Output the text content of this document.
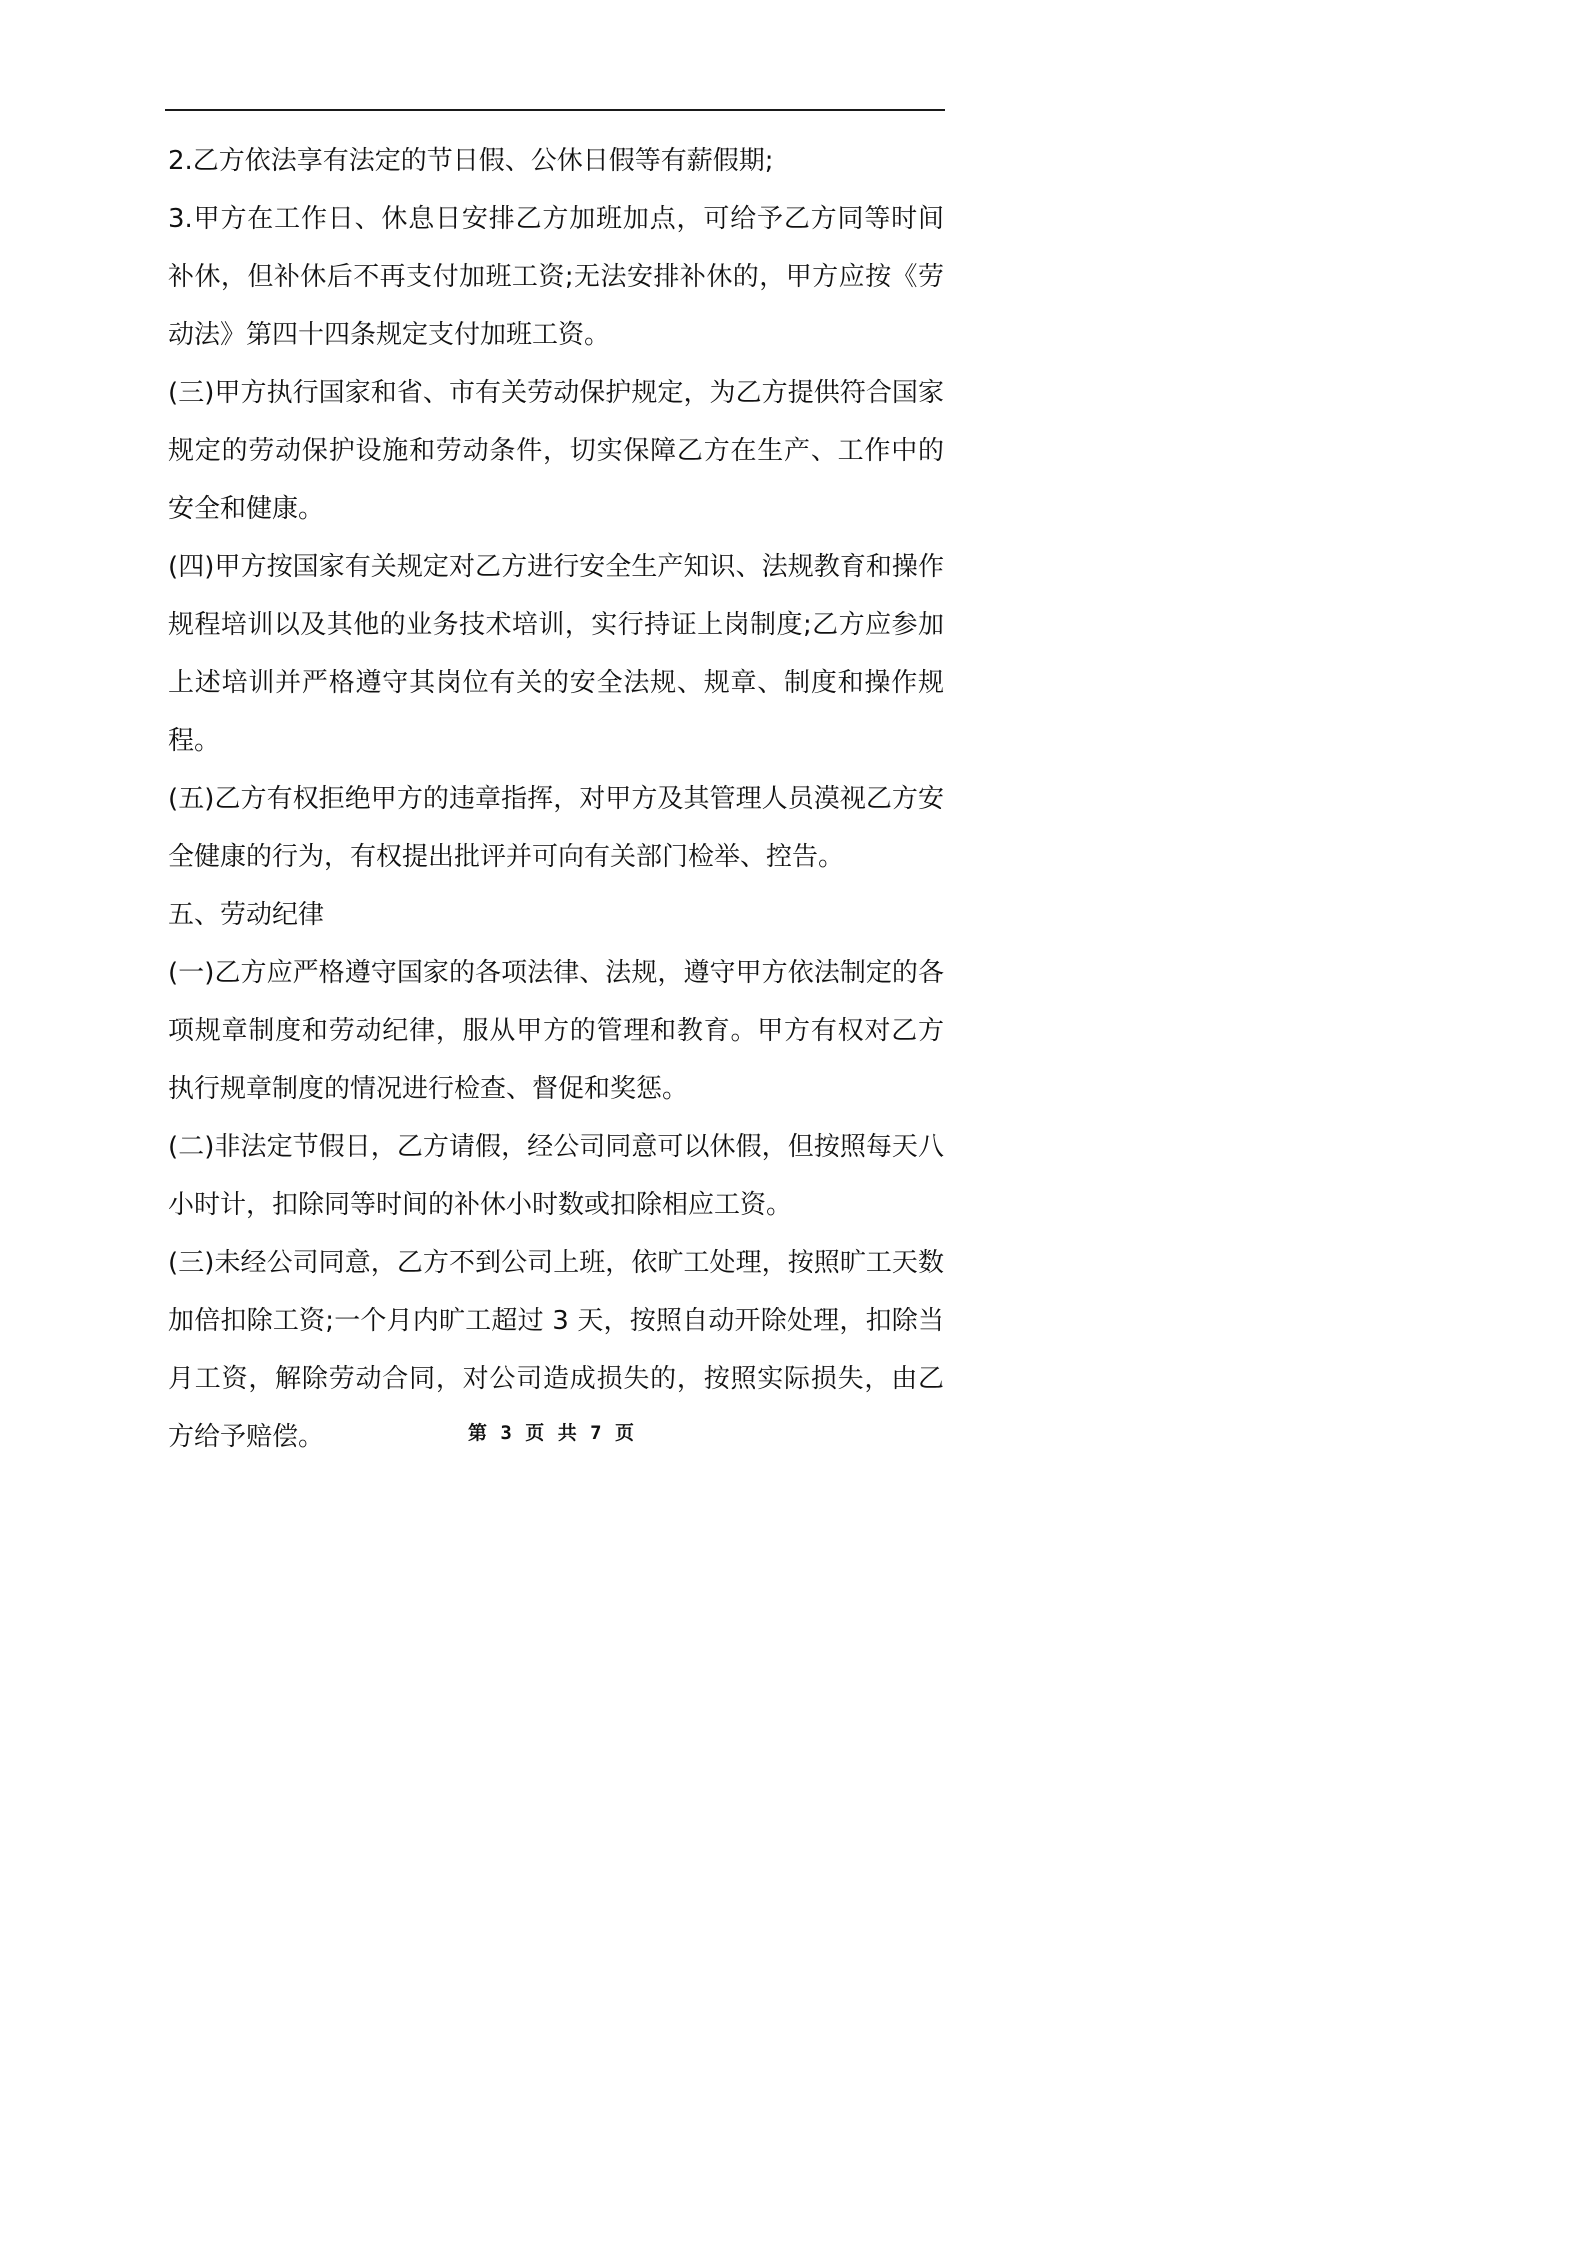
2.乙方依法享有法定的节日假、公休日假等有薪假期;

3.甲方在工作日、休息日安排乙方加班加点，可给予乙方同等时间补休，但补休后不再支付加班工资;无法安排补休的，甲方应按《劳动法》第四十四条规定支付加班工资。

(三)甲方执行国家和省、市有关劳动保护规定，为乙方提供符合国家规定的劳动保护设施和劳动条件，切实保障乙方在生产、工作中的安全和健康。

(四)甲方按国家有关规定对乙方进行安全生产知识、法规教育和操作规程培训以及其他的业务技术培训，实行持证上岗制度;乙方应参加上述培训并严格遵守其岗位有关的安全法规、规章、制度和操作规程。

(五)乙方有权拒绝甲方的违章指挥，对甲方及其管理人员漠视乙方安全健康的行为，有权提出批评并可向有关部门检举、控告。

五、劳动纪律

(一)乙方应严格遵守国家的各项法律、法规，遵守甲方依法制定的各项规章制度和劳动纪律，服从甲方的管理和教育。甲方有权对乙方执行规章制度的情况进行检查、督促和奖惩。

(二)非法定节假日，乙方请假，经公司同意可以休假，但按照每天八小时计，扣除同等时间的补休小时数或扣除相应工资。

(三)未经公司同意，乙方不到公司上班，依旷工处理，按照旷工天数加倍扣除工资;一个月内旷工超过 3 天，按照自动开除处理，扣除当月工资，解除劳动合同，对公司造成损失的，按照实际损失，由乙方给予赔偿。	第 3 页 共 7 页
